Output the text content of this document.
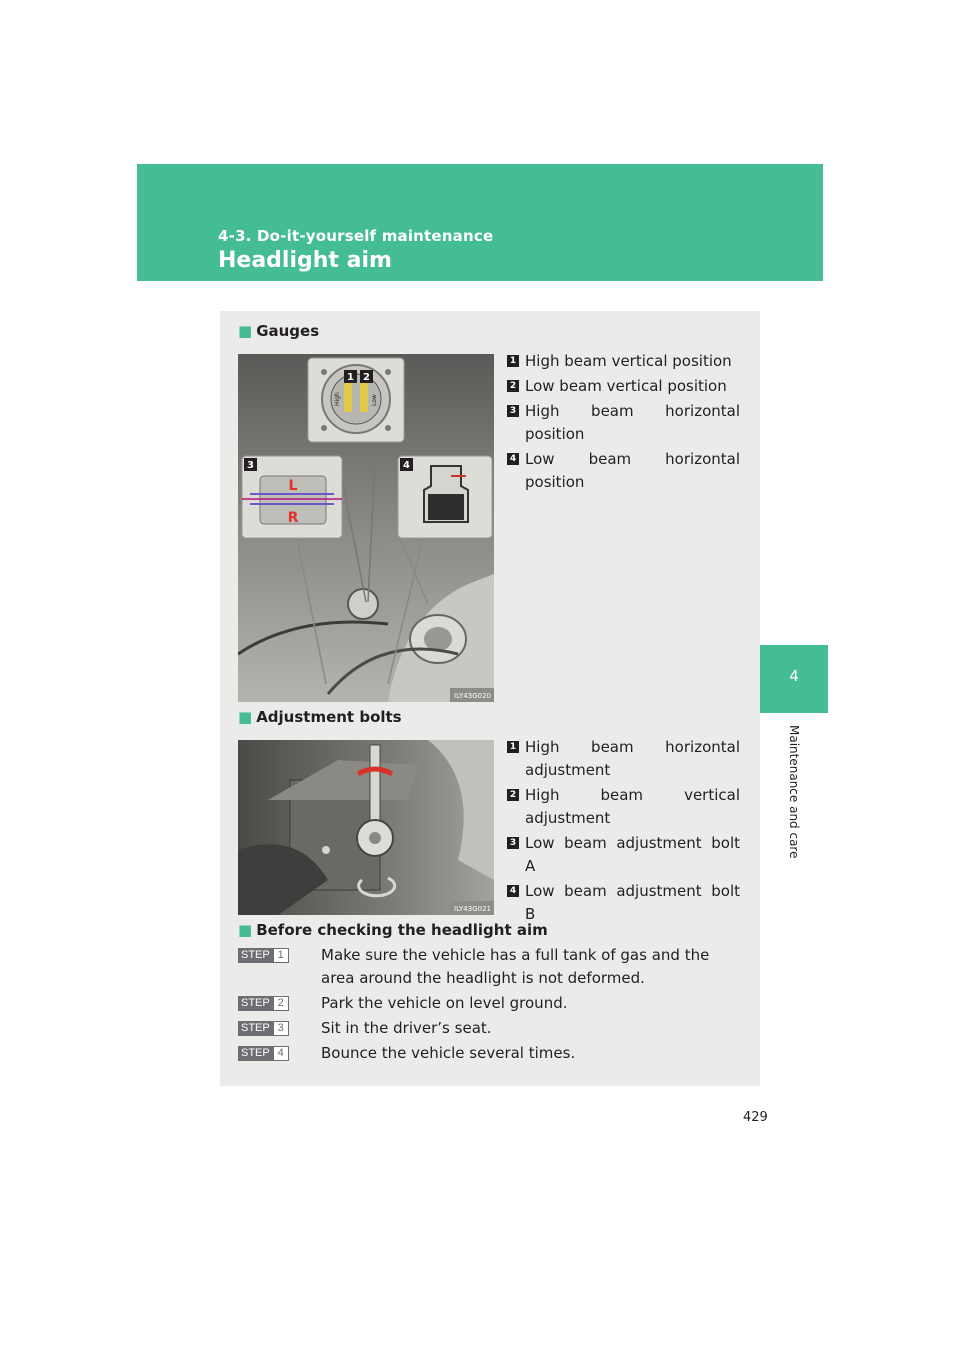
4-3. Do-it-yourself maintenance
Headlight aim
4
Maintenance and care
■ Gauges
High	Low
1 2
L
R
3	4
ILY43G020
1 High beam vertical position
2 Low beam vertical position
3 High beam horizontal position
4 Low beam horizontal position
■ Adjustment bolts
ILY43G021
1 High beam horizontal adjustment
2 High beam vertical adjustment
3 Low beam adjustment bolt A
4 Low beam adjustment bolt B
■ Before checking the headlight aim
STEP 1	Make sure the vehicle has a full tank of gas and the area around the headlight is not deformed.
STEP 2	Park the vehicle on level ground.
STEP 3	Sit in the driver’s seat.
STEP 4	Bounce the vehicle several times.
429
